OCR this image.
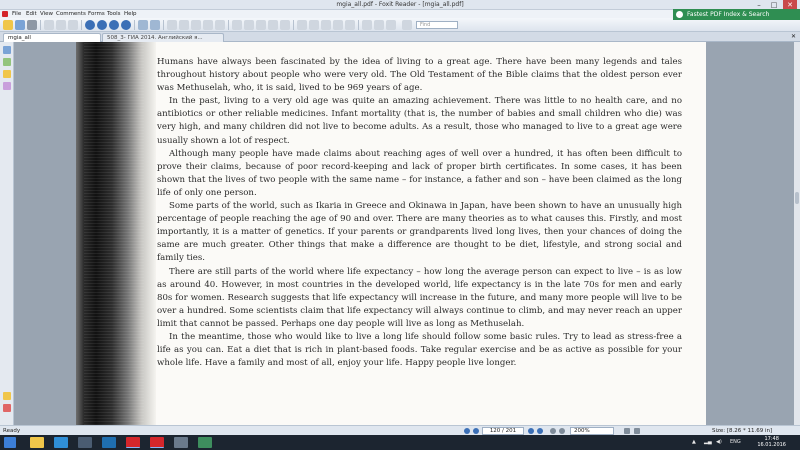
mgia_all.pdf - Foxit Reader - [mgia_all.pdf]	–	□	✕
File Edit View Comments Forms Tools Help
Find
Fastest PDF Index & Search
mgia_all	508_3- ГИА 2014. Английский я...	✕

Humans have always been fascinated by the idea of living to a great age. There have been many legends and tales throughout history about people who were very old. The Old Testament of the Bible claims that the oldest person ever was Methuselah, who, it is said, lived to be 969 years of age.

In the past, living to a very old age was quite an amazing achievement. There was little to no health care, and no antibiotics or other reliable medicines. Infant mortality (that is, the number of babies and small children who die) was very high, and many children did not live to become adults. As a result, those who managed to live to a great age were usually shown a lot of respect.

Although many people have made claims about reaching ages of well over a hundred, it has often been difficult to prove their claims, because of poor record-keeping and lack of proper birth certificates. In some cases, it has been shown that the lives of two people with the same name – for instance, a father and son – have been claimed as the long life of only one person.

Some parts of the world, such as Ikaria in Greece and Okinawa in Japan, have been shown to have an unusually high percentage of people reaching the age of 90 and over. There are many theories as to what causes this. Firstly, and most importantly, it is a matter of genetics. If your parents or grandparents lived long lives, then your chances of doing the same are much greater. Other things that make a difference are thought to be diet, lifestyle, and strong social and family ties.

There are still parts of the world where life expectancy – how long the average person can expect to live – is as low as around 40. However, in most countries in the developed world, life expectancy is in the late 70s for men and early 80s for women. Research suggests that life expectancy will increase in the future, and many more people will live to be over a hundred. Some scientists claim that life expectancy will always continue to climb, and may never reach an upper limit that cannot be passed. Perhaps one day people will live as long as Methuselah.

In the meantime, those who would like to live a long life should follow some basic rules. Try to lead as stress-free a life as you can. Eat a diet that is rich in plant-based foods. Take regular exercise and be as active as possible for your whole life. Have a family and most of all, enjoy your life. Happy people live longer.

Ready	120 / 201	200%	Size: [8.26 * 11.69 in]
▲ ▂▄ ◀) ENG	17:48
16.01.2016
